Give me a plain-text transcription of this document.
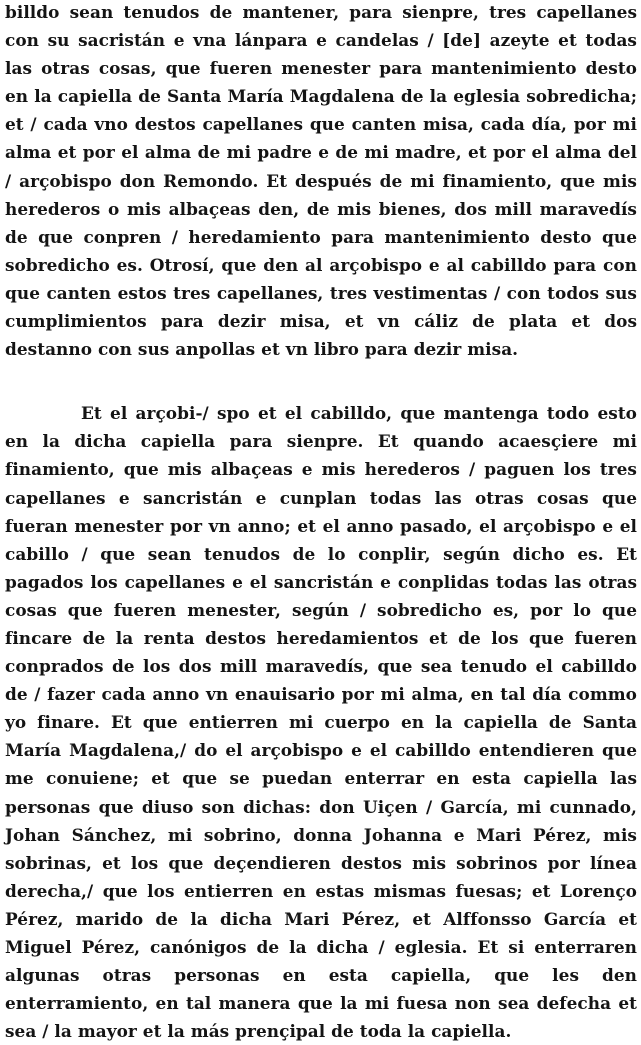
billdo sean tenudos de mantener, para sienpre, tres capellanes con su sacristán e vna lánpara e candelas / [de] azeyte et todas las otras cosas, que fueren menester para mantenimiento desto en la capiella de Santa María Magdalena de la eglesia sobredicha; et / cada vno destos capellanes que canten misa, cada día, por mi alma et por el alma de mi padre e de mi madre, et por el alma del / arçobispo don Remondo. Et después de mi finamiento, que mis herederos o mis albaçeas den, de mis bienes, dos mill maravedís de que conpren / heredamiento para mantenimiento desto que sobredicho es. Otrosí, que den al arçobispo e al cabilldo para con que canten estos tres capellanes, tres vestimentas / con todos sus cumplimientos para dezir misa, et vn cáliz de plata et dos destanno con sus anpollas et vn libro para dezir misa.

Et el arçobi-/ spo et el cabilldo, que mantenga todo esto en la dicha capiella para sienpre. Et quando acaesçiere mi finamiento, que mis albaçeas e mis herederos / paguen los tres capellanes e sancristán e cunplan todas las otras cosas que fueran menester por vn anno; et el anno pasado, el arçobispo e el cabillo / que sean tenudos de lo conplir, según dicho es. Et pagados los capellanes e el sancristán e conplidas todas las otras cosas que fueren menester, según / sobredicho es, por lo que fincare de la renta destos heredamientos et de los que fueren conprados de los dos mill maravedís, que sea tenudo el cabilldo de / fazer cada anno vn enauisario por mi alma, en tal día commo yo finare. Et que entierren mi cuerpo en la capiella de Santa María Magdalena,/ do el arçobispo e el cabilldo entendieren que me conuiene; et que se puedan enterrar en esta capiella las personas que diuso son dichas: don Uiçen / García, mi cunnado, Johan Sánchez, mi sobrino, donna Johanna e Mari Pérez, mis sobrinas, et los que deçendieren destos mis sobrinos por línea derecha,/ que los entierren en estas mismas fuesas; et Lorenço Pérez, marido de la dicha Mari Pérez, et Alffonsso García et Miguel Pérez, canónigos de la dicha / eglesia. Et si enterraren algunas otras personas en esta capiella, que les den enterramiento, en tal manera que la mi fuesa non sea defecha et sea / la mayor et la más prençipal de toda la capiella.
